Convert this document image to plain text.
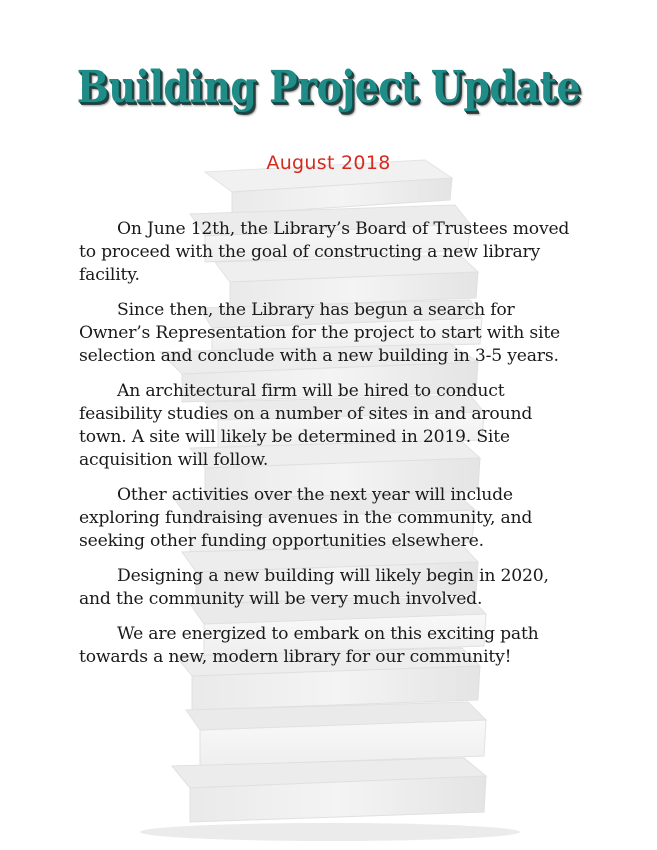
Building Project Update
August 2018

On June 12th, the Library’s Board of Trustees moved to proceed with the goal of constructing a new library facility.

Since then, the Library has begun a search for Owner’s Representation for the project to start with site selection and conclude with a new building in 3-5 years.

An architectural firm will be hired to conduct feasibility studies on a number of sites in and around town. A site will likely be determined in 2019. Site acquisition will follow.

Other activities over the next year will include exploring fundraising avenues in the community, and seeking other funding opportunities elsewhere.

Designing a new building will likely begin in 2020, and the community will be very much involved.

We are energized to embark on this exciting path towards a new, modern library for our community!
